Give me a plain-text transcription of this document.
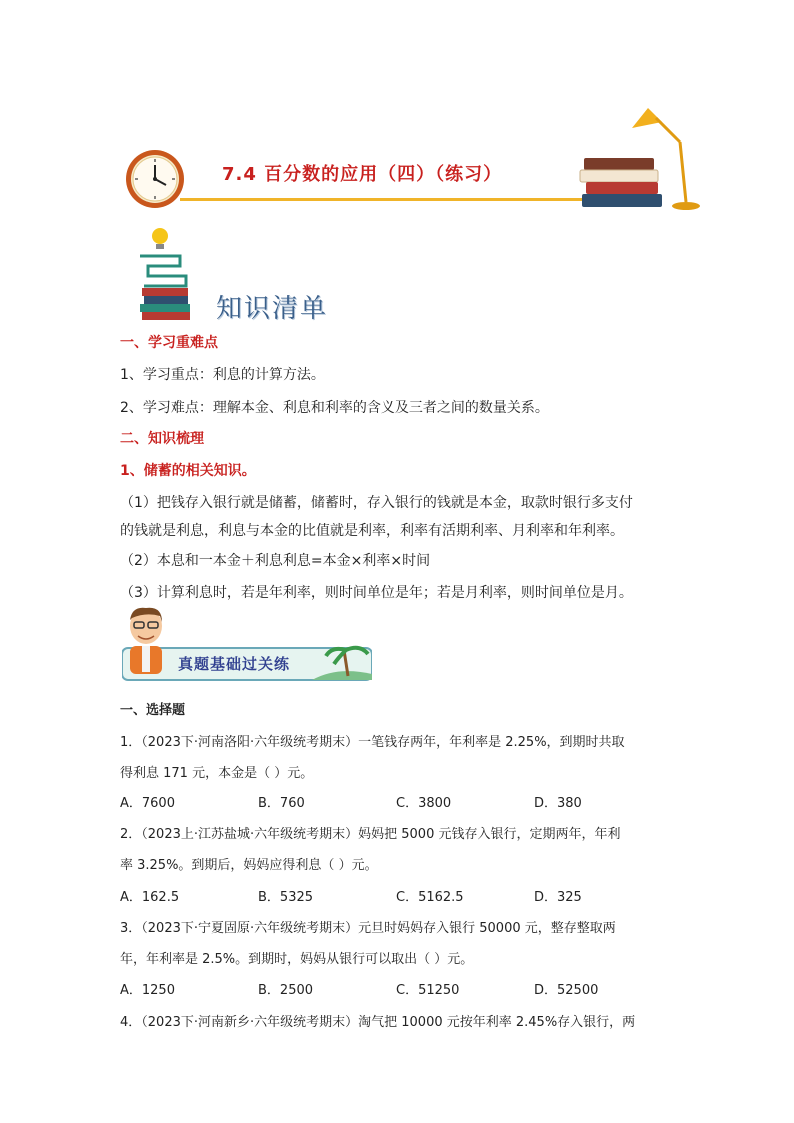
7.4 百分数的应用（四）（练习）
知识清单
一、学习重难点
1、学习重点：利息的计算方法。
2、学习难点：理解本金、利息和利率的含义及三者之间的数量关系。
二、知识梳理
1、储蓄的相关知识。
（1）把钱存入银行就是储蓄，储蓄时，存入银行的钱就是本金，取款时银行多支付
的钱就是利息，利息与本金的比值就是利率，利率有活期利率、月利率和年利率。
（2）本息和一本金＋利息利息=本金×利率×时间
（3）计算利息时，若是年利率，则时间单位是年；若是月利率，则时间单位是月。
真题基础过关练
一、选择题
1．（2023下·河南洛阳·六年级统考期末）一笔钱存两年，年利率是 2.25%，到期时共取
得利息 171 元，本金是（ ）元。
A．7600	B．760	C．3800	D．380
2．（2023上·江苏盐城·六年级统考期末）妈妈把 5000 元钱存入银行，定期两年，年利
率 3.25%。到期后，妈妈应得利息（ ）元。
A．162.5	B．5325	C．5162.5	D．325
3．（2023下·宁夏固原·六年级统考期末）元旦时妈妈存入银行 50000 元，整存整取两
年，年利率是 2.5%。到期时，妈妈从银行可以取出（ ）元。
A．1250	B．2500	C．51250	D．52500
4．（2023下·河南新乡·六年级统考期末）淘气把 10000 元按年利率 2.45%存入银行，两
